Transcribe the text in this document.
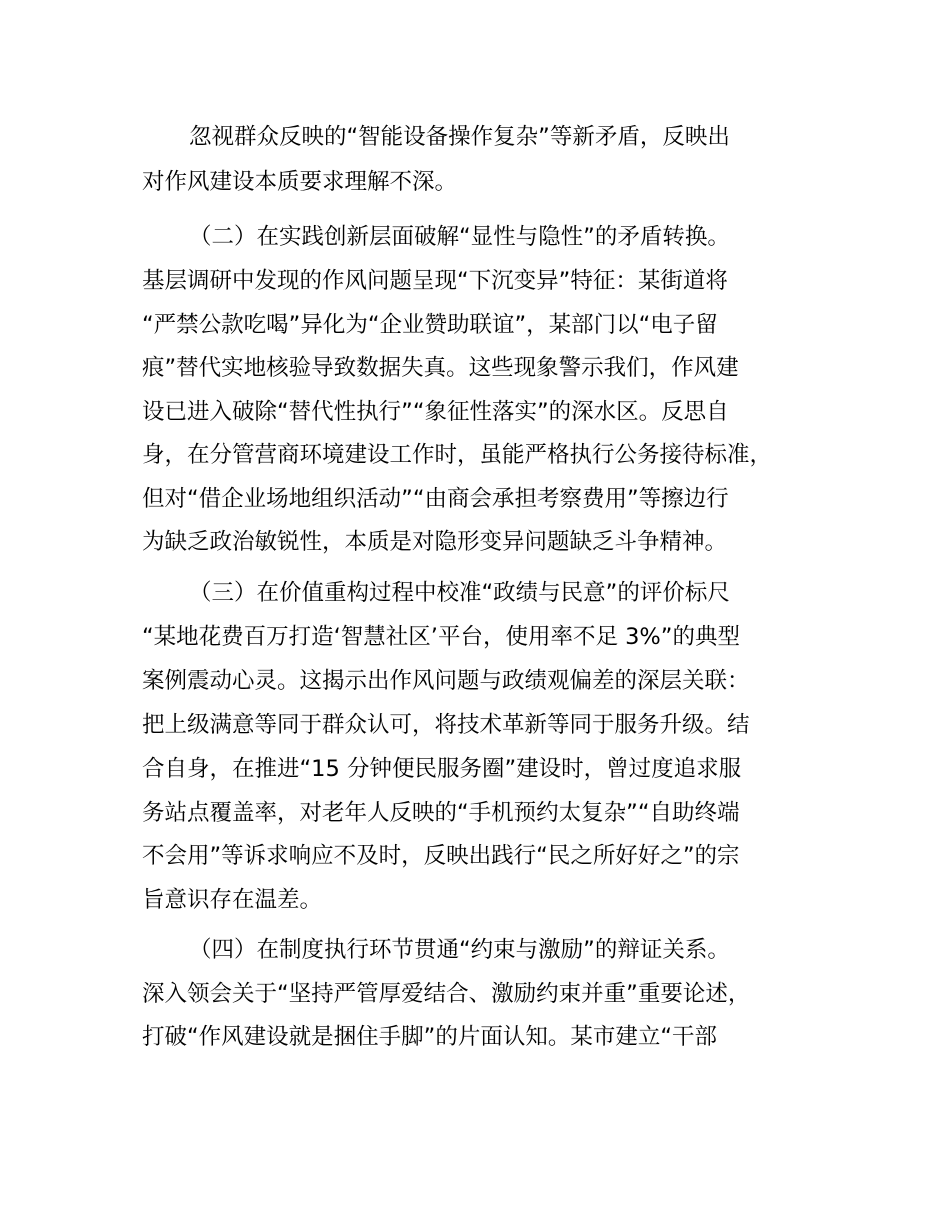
忽视群众反映的“智能设备操作复杂”等新矛盾，反映出
对作风建设本质要求理解不深。
（二）在实践创新层面破解“显性与隐性”的矛盾转换。
基层调研中发现的作风问题呈现“下沉变异”特征：某街道将
“严禁公款吃喝”异化为“企业赞助联谊”，某部门以“电子留
痕”替代实地核验导致数据失真。这些现象警示我们，作风建
设已进入破除“替代性执行”“象征性落实”的深水区。反思自
身，在分管营商环境建设工作时，虽能严格执行公务接待标准，
但对“借企业场地组织活动”“由商会承担考察费用”等擦边行
为缺乏政治敏锐性，本质是对隐形变异问题缺乏斗争精神。
（三）在价值重构过程中校准“政绩与民意”的评价标尺
“某地花费百万打造‘智慧社区’平台，使用率不足 3%”的典型
案例震动心灵。这揭示出作风问题与政绩观偏差的深层关联：
把上级满意等同于群众认可，将技术革新等同于服务升级。结
合自身，在推进“15 分钟便民服务圈”建设时，曾过度追求服
务站点覆盖率，对老年人反映的“手机预约太复杂”“自助终端
不会用”等诉求响应不及时，反映出践行“民之所好好之”的宗
旨意识存在温差。
（四）在制度执行环节贯通“约束与激励”的辩证关系。
深入领会关于“坚持严管厚爱结合、激励约束并重”重要论述，
打破“作风建设就是捆住手脚”的片面认知。某市建立“干部
